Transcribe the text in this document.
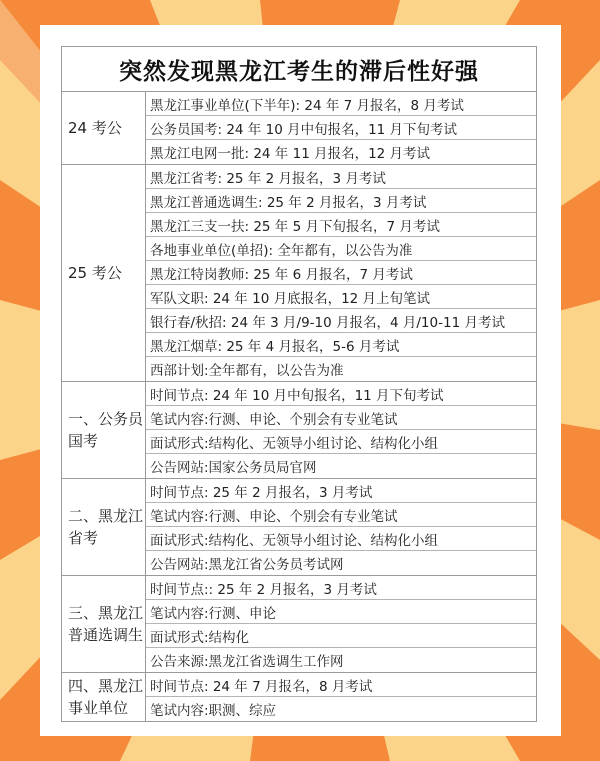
突然发现黑龙江考生的滞后性好强
24 考公
黑龙江事业单位(下半年): 24 年 7 月报名，8 月考试
公务员国考: 24 年 10 月中旬报名，11 月下旬考试
黑龙江电网一批: 24 年 11 月报名，12 月考试
25 考公
黑龙江省考: 25 年 2 月报名，3 月考试
黑龙江普通选调生: 25 年 2 月报名，3 月考试
黑龙江三支一扶: 25 年 5 月下旬报名，7 月考试
各地事业单位(单招): 全年都有，以公告为准
黑龙江特岗教师: 25 年 6 月报名，7 月考试
军队文职: 24 年 10 月底报名，12 月上旬笔试
银行春/秋招: 24 年 3 月/9-10 月报名，4 月/10-11 月考试
黑龙江烟草: 25 年 4 月报名，5-6 月考试
西部计划:全年都有，以公告为准
一、公务员国考
时间节点: 24 年 10 月中旬报名，11 月下旬考试
笔试内容:行测、申论、个别会有专业笔试
面试形式:结构化、无领导小组讨论、结构化小组
公告网站:国家公务员局官网
二、黑龙江省考
时间节点: 25 年 2 月报名，3 月考试
笔试内容:行测、申论、个别会有专业笔试
面试形式:结构化、无领导小组讨论、结构化小组
公告网站:黑龙江省公务员考试网
三、黑龙江普通选调生
时间节点:: 25 年 2 月报名，3 月考试
笔试内容:行测、申论
面试形式:结构化
公告来源:黑龙江省选调生工作网
四、黑龙江事业单位
时间节点: 24 年 7 月报名，8 月考试
笔试内容:职测、综应
